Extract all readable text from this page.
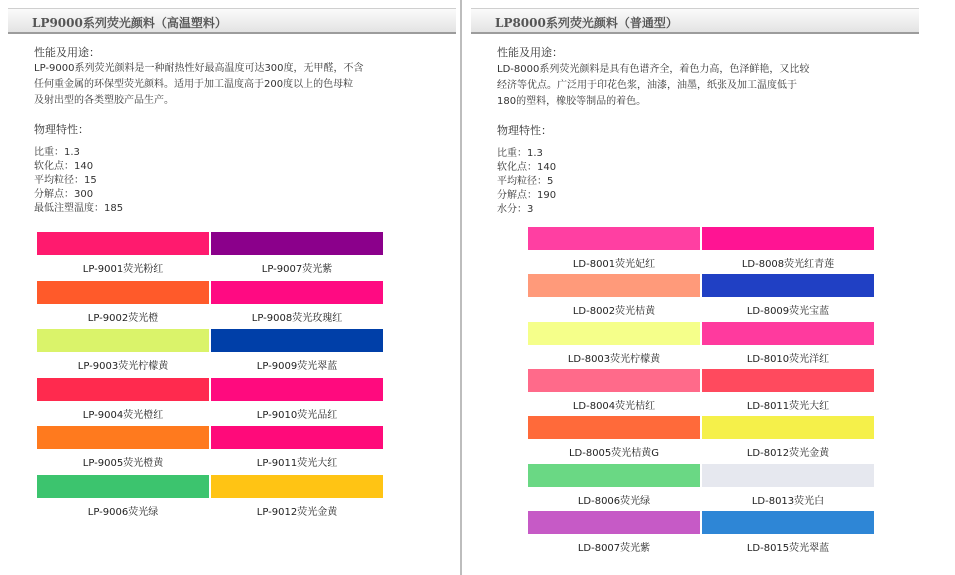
LP9000系列荧光颜料（高温塑料）
性能及用途：
LP-9000系列荧光颜料是一种耐热性好最高温度可达300度，无甲醛，不含
任何重金属的环保型荧光颜料。适用于加工温度高于200度以上的色母粒
及射出型的各类塑胶产品生产。
物理特性：
比重：1.3
软化点：140
平均粒径：15
分解点：300
最低注塑温度：185
LP-9001荧光粉红	LP-9007荧光紫
LP-9002荧光橙	LP-9008荧光玫瑰红
LP-9003荧光柠檬黄	LP-9009荧光翠蓝
LP-9004荧光橙红	LP-9010荧光品红
LP-9005荧光橙黄	LP-9011荧光大红
LP-9006荧光绿	LP-9012荧光金黄
LP8000系列荧光颜料（普通型）
性能及用途：
LD-8000系列荧光颜料是具有色谱齐全，着色力高，色泽鲜艳，又比较
经济等优点。广泛用于印花色浆，油漆，油墨，纸张及加工温度低于
180的塑料，橡胶等制品的着色。
物理特性：
比重：1.3
软化点：140
平均粒径：5
分解点：190
水分：3
LD-8001荧光妃红	LD-8008荧光红青莲
LD-8002荧光桔黄	LD-8009荧光宝蓝
LD-8003荧光柠檬黄	LD-8010荧光洋红
LD-8004荧光桔红	LD-8011荧光大红
LD-8005荧光桔黄G	LD-8012荧光金黄
LD-8006荧光绿	LD-8013荧光白
LD-8007荧光紫	LD-8015荧光翠蓝
